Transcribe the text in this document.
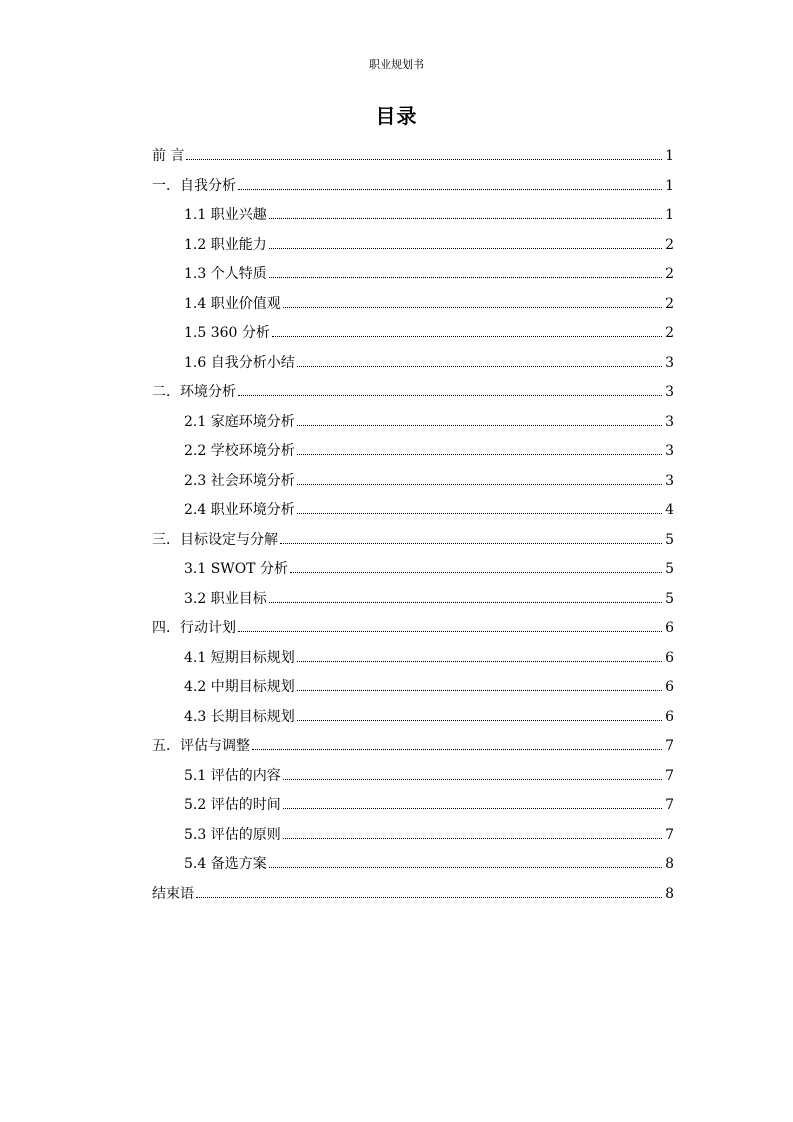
职业规划书
目录
前 言	1
一．自我分析	1
1.1 职业兴趣	1
1.2 职业能力	2
1.3 个人特质	2
1.4 职业价值观	2
1.5 360 分析	2
1.6 自我分析小结	3
二．环境分析	3
2.1 家庭环境分析	3
2.2 学校环境分析	3
2.3 社会环境分析	3
2.4 职业环境分析	4
三．目标设定与分解	5
3.1 SWOT 分析	5
3.2 职业目标	5
四．行动计划	6
4.1 短期目标规划	6
4.2 中期目标规划	6
4.3 长期目标规划	6
五．评估与调整	7
5.1 评估的内容	7
5.2 评估的时间	7
5.3 评估的原则	7
5.4 备选方案	8
结束语	8
